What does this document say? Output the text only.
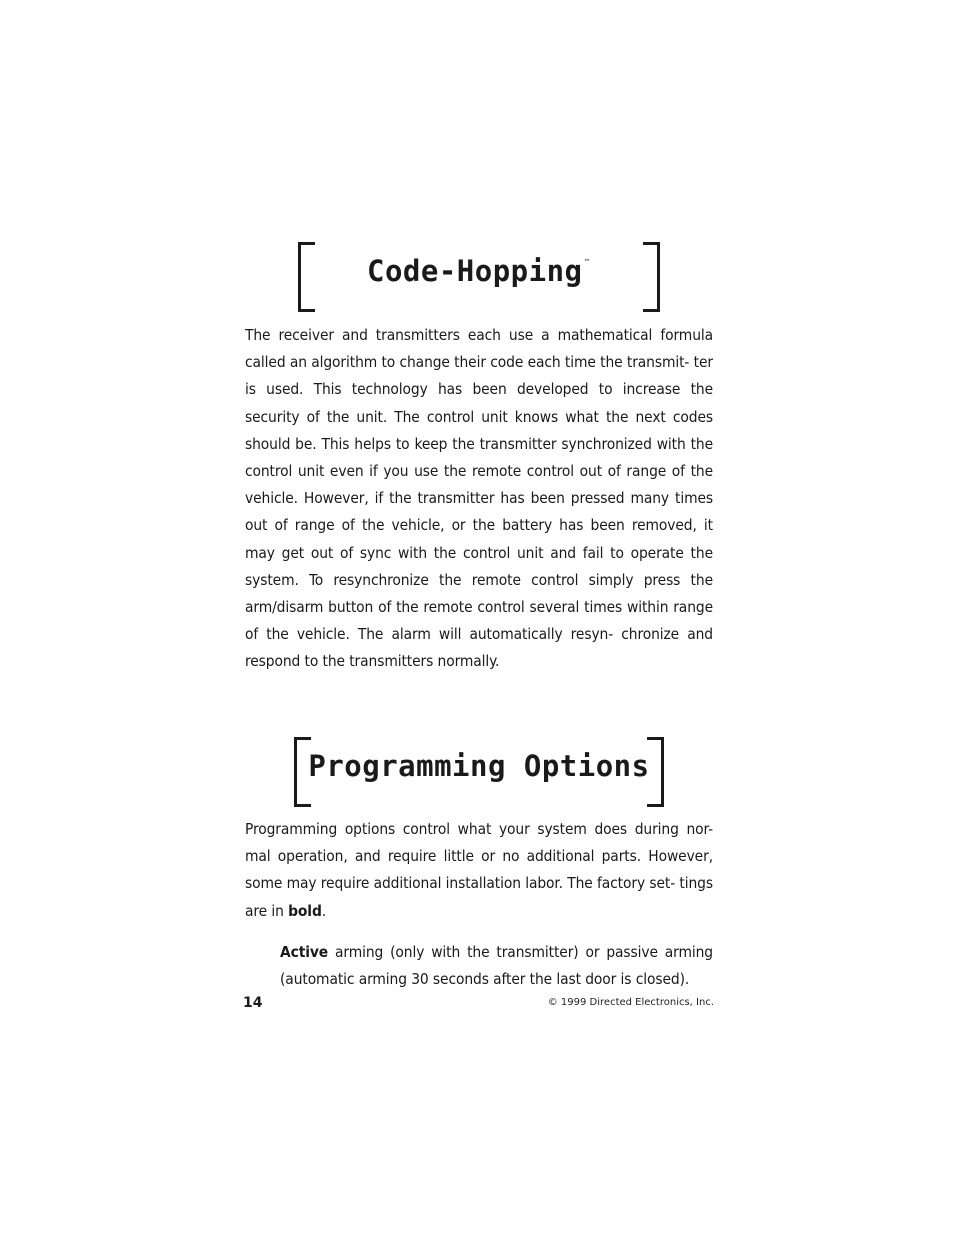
Code-Hopping™

The receiver and transmitters each use a mathematical formula called an algorithm to change their code each time the transmit- ter is used. This technology has been developed to increase the security of the unit. The control unit knows what the next codes should be. This helps to keep the transmitter synchronized with the control unit even if you use the remote control out of range of the vehicle. However, if the transmitter has been pressed many times out of range of the vehicle, or the battery has been removed, it may get out of sync with the control unit and fail to operate the system. To resynchronize the remote control simply press the arm/disarm button of the remote control several times within range of the vehicle. The alarm will automatically resyn- chronize and respond to the transmitters normally.

Programming Options

Programming options control what your system does during nor- mal operation, and require little or no additional parts. However, some may require additional installation labor. The factory set- tings are in bold.

Active arming (only with the transmitter) or passive arming (automatic arming 30 seconds after the last door is closed).

14	© 1999 Directed Electronics, Inc.
